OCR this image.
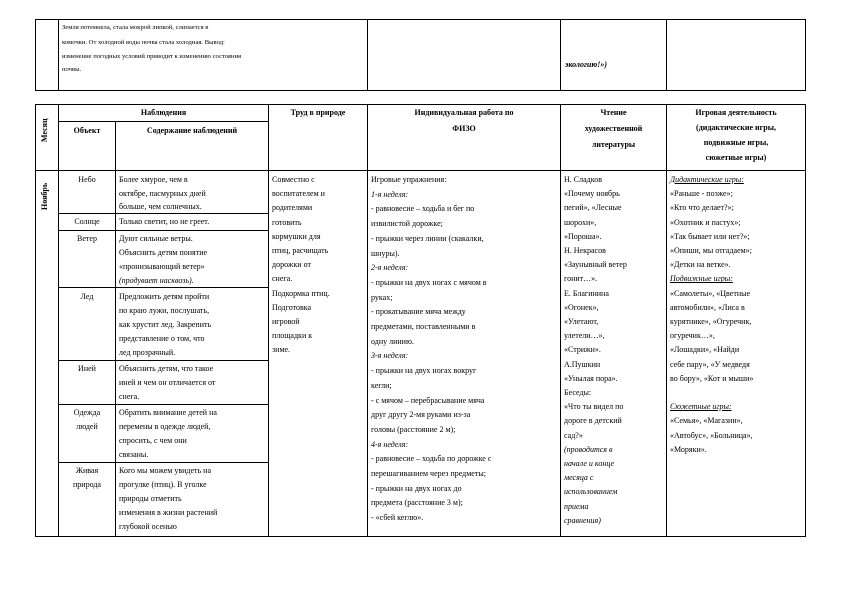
Земля потемнела, стала мокрой липкой, слипается в
комочки. От холодной воды почва стала холодная. Вывод:
изменение погодных условий приводит к изменению состояния
почвы.
экологию!»)
Месяц
Наблюдения
Объект	Содержание наблюдений
Труд в природе	Индивидуальная работа по
ФИЗО
Чтение
художественной
литературы
Игровая деятельность
(дидактические игры,
подвижные игры,
сюжетные игры)
Ноябрь
Небо
Солнце
Ветер
Лед
Иней
Одежда
людей
Живая
природа
Более хмурое, чем в
октябре, пасмурных дней
больше, чем солнечных.
Только светит, но не греет.
Дуют сильные ветры.
Объяснить детям понятие
«пронизывающий ветер»
(продувает насквозь).
Предложить детям пройти
по краю лужи, послушать,
как хрустит лед. Закрепить
представление о том, что
лед прозрачный.
Объяснить детям, что такое
иней и чем он отличается от
снега.
Обратить внимание детей на
перемены в одежде людей,
спросить, с чем они
связаны.
Кого мы можем увидеть на
прогулке (птиц). В уголке
природы отметить
изменения в жизни растений
глубокой осенью
Совместно с
воспитателем и
родителями
готовить
кормушки для
птиц, расчищать
дорожки от
снега.
Подкормка птиц.
Подготовка
игровой
площадки к
зиме.
Игровые упражнения:
1-я неделя:
- равновесие – ходьба и бег по
извилистой дорожке;
- прыжки через линии (скакалки,
шнуры).
2-я неделя:
- прыжки на двух ногах с мячом в
руках;
- прокатывание мяча между
предметами, поставленными в
одну линию.
3-я неделя:
- прыжки на двух ногах вокруг
кегли;
- с мячом – перебрасывание мяча
друг другу 2-мя руками из-за
головы (расстояние 2 м);
4-я неделя:
- равновесие – ходьба по дорожке с
перешагиванием через предметы;
- прыжки на двух ногах до
предмета (расстояние 3 м);
- «сбей кеглю».
Н. Сладков
«Почему ноябрь
пегий», «Лесные
шорохи»,
«Пороша».
Н. Некрасов
«Заунывный ветер
гонит…».
Е. Благинина
«Огонек»,
«Улетают,
улетели…»,
«Стрижи».
А.Пушкин
«Унылая пора».
Беседы:
«Что ты видел по
дороге в детский
сад?»
(проводится в
начале и конце
месяца с
использованием
приема
сравнения)
Дидактические игры:
«Раньше - позже»;
«Кто что делает?»;
«Охотник и пастух»;
«Так бывает или нет?»;
«Опиши, мы отгадаем»;
«Детки на ветке».
Подвижные игры:
«Самолеты», «Цветные
автомобили», «Лиса в
курятнике», «Огуречик,
огуречик…»,
«Лошадки», «Найди
себе пару», «У медведя
во бору», «Кот и мыши»
Сюжетные игры:
«Семья», «Магазин»,
«Автобус», «Больница»,
«Моряки».
